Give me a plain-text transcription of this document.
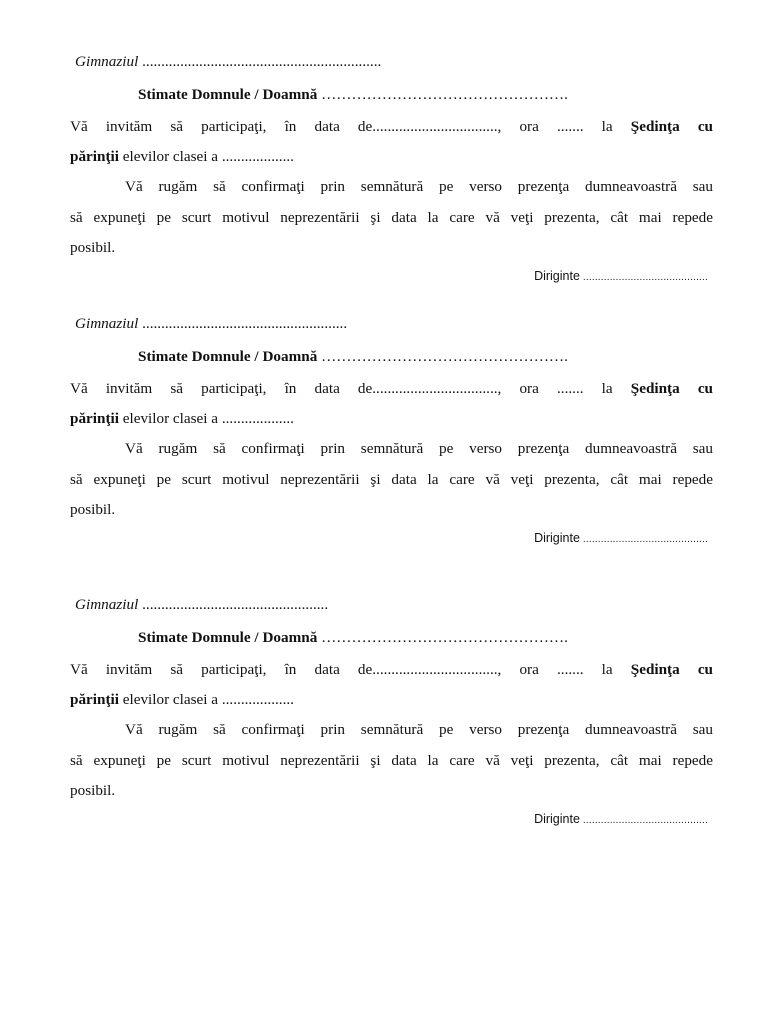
Gimnaziul ...............................................................
Stimate Domnule / Doamnă ………………………………………….
Vă invităm să participaţi, în data de................................., ora ....... la Şedinţa cu
părinţii elevilor clasei a ...................
Vă rugăm să confirmaţi prin semnătură pe verso prezenţa dumneavoastră sau
să expuneţi pe scurt motivul neprezentării şi data la care vă veţi prezenta, cât mai repede
posibil.
Diriginte ..........................................
Gimnaziul ......................................................
Stimate Domnule / Doamnă ………………………………………….
Vă invităm să participaţi, în data de................................., ora ....... la Şedinţa cu
părinţii elevilor clasei a ...................
Vă rugăm să confirmaţi prin semnătură pe verso prezenţa dumneavoastră sau
să expuneţi pe scurt motivul neprezentării şi data la care vă veţi prezenta, cât mai repede
posibil.
Diriginte ..........................................
Gimnaziul .................................................
Stimate Domnule / Doamnă ………………………………………….
Vă invităm să participaţi, în data de................................., ora ....... la Şedinţa cu
părinţii elevilor clasei a ...................
Vă rugăm să confirmaţi prin semnătură pe verso prezenţa dumneavoastră sau
să expuneţi pe scurt motivul neprezentării şi data la care vă veţi prezenta, cât mai repede
posibil.
Diriginte ..........................................
